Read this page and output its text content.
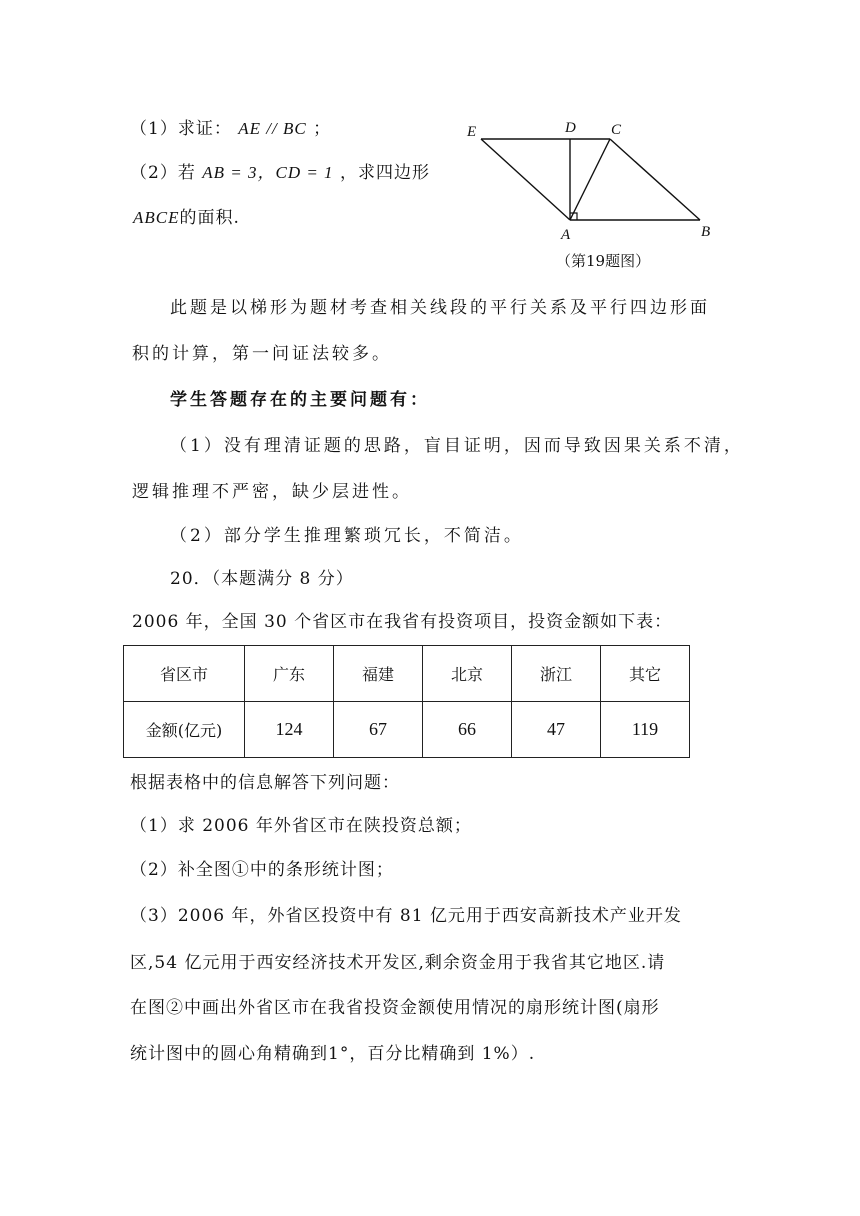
（1）求证： AE // BC ；
（2）若 AB = 3，CD = 1 ，求四边形
ABCE的面积.
E	D C
A	B
（第19题图）
此题是以梯形为题材考查相关线段的平行关系及平行四边形面
积的计算，第一问证法较多。
学生答题存在的主要问题有：
（1）没有理清证题的思路，盲目证明，因而导致因果关系不清，
逻辑推理不严密，缺少层进性。
（2）部分学生推理繁琐冗长，不简洁。
20．（本题满分 8 分）
2006 年，全国 30 个省区市在我省有投资项目，投资金额如下表：
省区市	广东	福建	北京	浙江	其它
金额(亿元)	124	67	66	47	119
根据表格中的信息解答下列问题：
（1）求 2006 年外省区市在陕投资总额；
（2）补全图①中的条形统计图；
（3）2006 年，外省区投资中有 81 亿元用于西安高新技术产业开发
区,54 亿元用于西安经济技术开发区,剩余资金用于我省其它地区.请
在图②中画出外省区市在我省投资金额使用情况的扇形统计图(扇形
统计图中的圆心角精确到1°，百分比精确到 1%）.
